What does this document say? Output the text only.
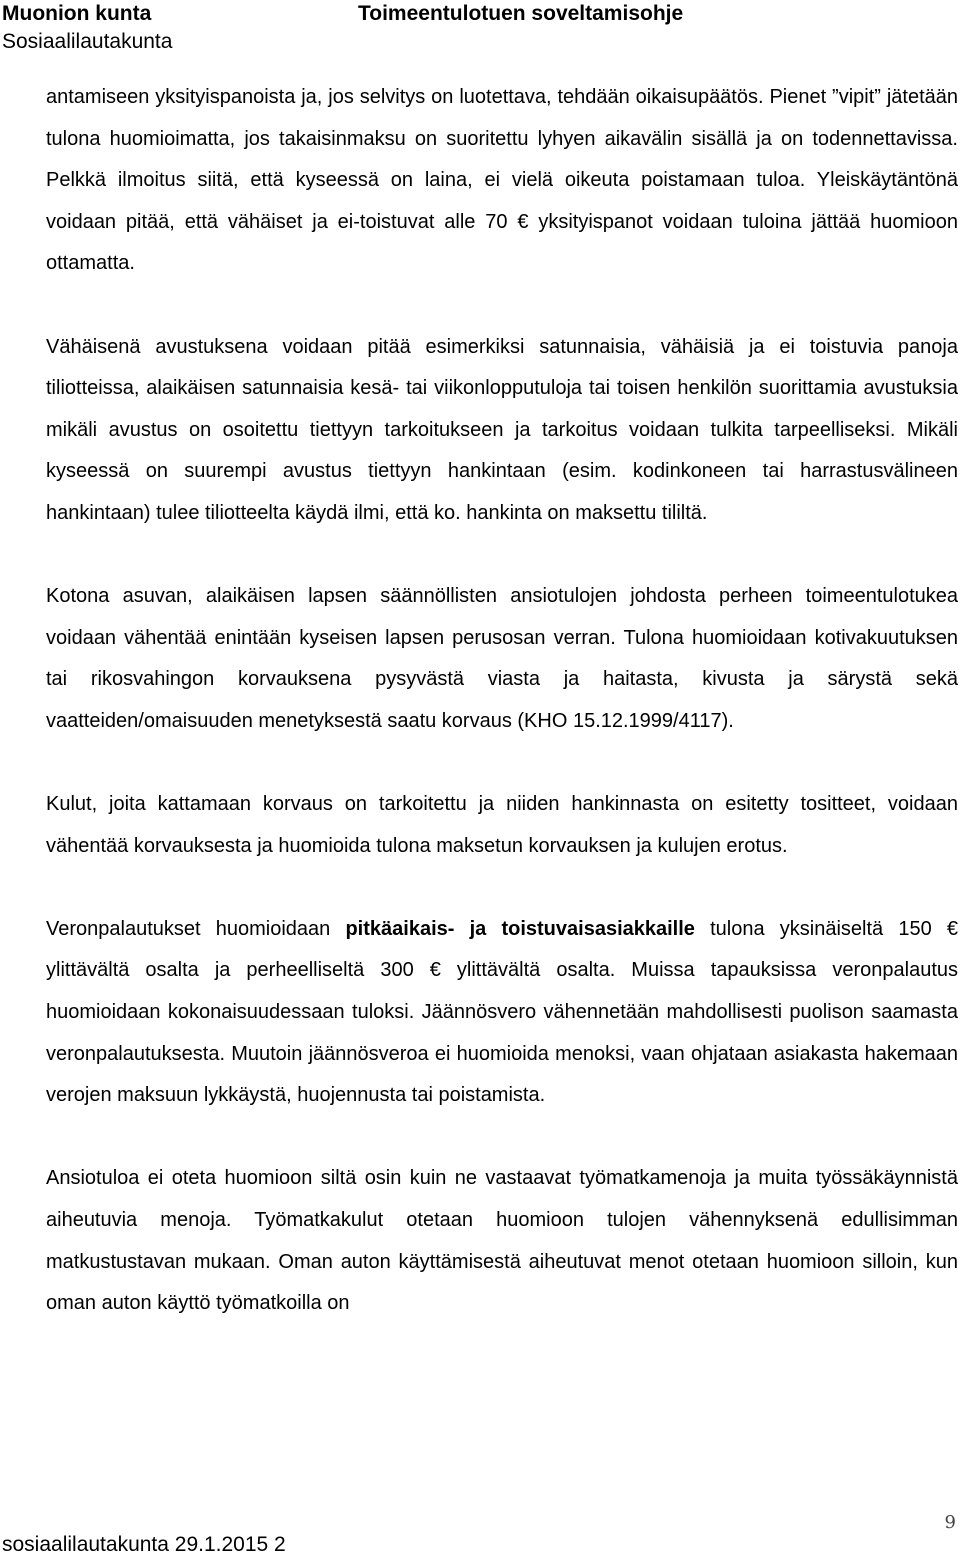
Muonion kunta
Sosiaalilautakunta
Toimeentulotuen soveltamisohje

antamiseen yksityispanoista ja, jos selvitys on luotettava, tehdään oikaisupäätös. Pienet ”vipit” jätetään tulona huomioimatta, jos takaisinmaksu on suoritettu lyhyen aikavälin sisällä ja on todennettavissa. Pelkkä ilmoitus siitä, että kyseessä on laina, ei vielä oikeuta poistamaan tuloa. Yleiskäytäntönä voidaan pitää, että vähäiset ja ei-toistuvat alle 70 € yksityispanot voidaan tuloina jättää huomioon ottamatta.

Vähäisenä avustuksena voidaan pitää esimerkiksi satunnaisia, vähäisiä ja ei toistuvia panoja tiliotteissa, alaikäisen satunnaisia kesä- tai viikonlopputuloja tai toisen henkilön suorittamia avustuksia mikäli avustus on osoitettu tiettyyn tarkoitukseen ja tarkoitus voidaan tulkita tarpeelliseksi. Mikäli kyseessä on suurempi avustus tiettyyn hankintaan (esim. kodinkoneen tai harrastusvälineen hankintaan) tulee tiliotteelta käydä ilmi, että ko. hankinta on maksettu tililtä.

Kotona asuvan, alaikäisen lapsen säännöllisten ansiotulojen johdosta perheen toimeentulotukea voidaan vähentää enintään kyseisen lapsen perusosan verran. Tulona huomioidaan kotivakuutuksen tai rikosvahingon korvauksena pysyvästä viasta ja haitasta, kivusta ja särystä sekä vaatteiden/omaisuuden menetyksestä saatu korvaus (KHO 15.12.1999/4117).

Kulut, joita kattamaan korvaus on tarkoitettu ja niiden hankinnasta on esitetty tositteet, voidaan vähentää korvauksesta ja huomioida tulona maksetun korvauksen ja kulujen erotus.

Veronpalautukset huomioidaan pitkäaikais- ja toistuvaisasiakkaille tulona yksinäiseltä 150 € ylittävältä osalta ja perheelliseltä 300 € ylittävältä osalta. Muissa tapauksissa veronpalautus huomioidaan kokonaisuudessaan tuloksi. Jäännösvero vähennetään mahdollisesti puolison saamasta veronpalautuksesta. Muutoin jäännösveroa ei huomioida menoksi, vaan ohjataan asiakasta hakemaan verojen maksuun lykkäystä, huojennusta tai poistamista.

Ansiotuloa ei oteta huomioon siltä osin kuin ne vastaavat työmatkamenoja ja muita työssäkäynnistä aiheutuvia menoja. Työmatkakulut otetaan huomioon tulojen vähennyksenä edullisimman matkustustavan mukaan. Oman auton käyttämisestä aiheutuvat menot otetaan huomioon silloin, kun oman auton käyttö työmatkoilla on

9
sosiaalilautakunta 29.1.2015 2
